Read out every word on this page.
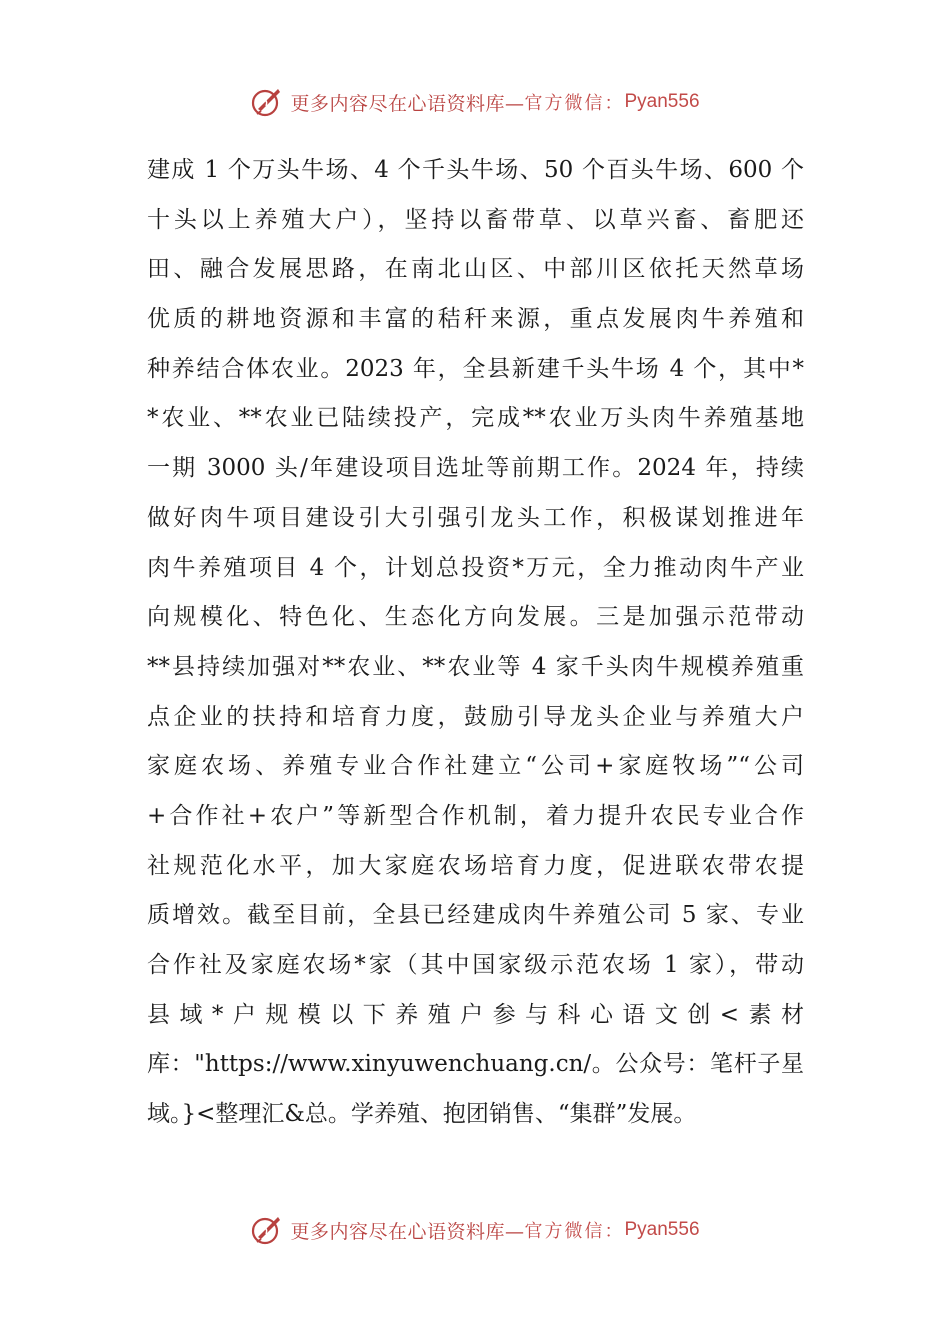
更多内容尽在心语资料库— 官方微信： Pyan556
建成 1 个万头牛场、4 个千头牛场、50 个百头牛场、600 个
十头以上养殖大户），坚持以畜带草、以草兴畜、畜肥还
田、融合发展思路，在南北山区、中部川区依托天然草场
优质的耕地资源和丰富的秸秆来源，重点发展肉牛养殖和
种养结合体农业。2023 年，全县新建千头牛场 4 个，其中*
*农业、**农业已陆续投产，完成**农业万头肉牛养殖基地
一期 3000 头/年建设项目选址等前期工作。2024 年，持续
做好肉牛项目建设引大引强引龙头工作，积极谋划推进年
肉牛养殖项目 4 个，计划总投资*万元，全力推动肉牛产业
向规模化、特色化、生态化方向发展。三是加强示范带动
**县持续加强对**农业、**农业等 4 家千头肉牛规模养殖重
点企业的扶持和培育力度，鼓励引导龙头企业与养殖大户
家庭农场、养殖专业合作社建立“公司+家庭牧场”“公司
+合作社+农户”等新型合作机制，着力提升农民专业合作
社规范化水平，加大家庭农场培育力度，促进联农带农提
质增效。截至目前，全县已经建成肉牛养殖公司 5 家、专业
合作社及家庭农场*家（其中国家级示范农场 1 家），带动
县域*户规模以下养殖户参与科心语文创<素材
库："https://www.xinyuwenchuang.cn/。公众号：笔杆子星
域。}<整理汇&总。学养殖、抱团销售、“集群”发展。
更多内容尽在心语资料库— 官方微信： Pyan556
